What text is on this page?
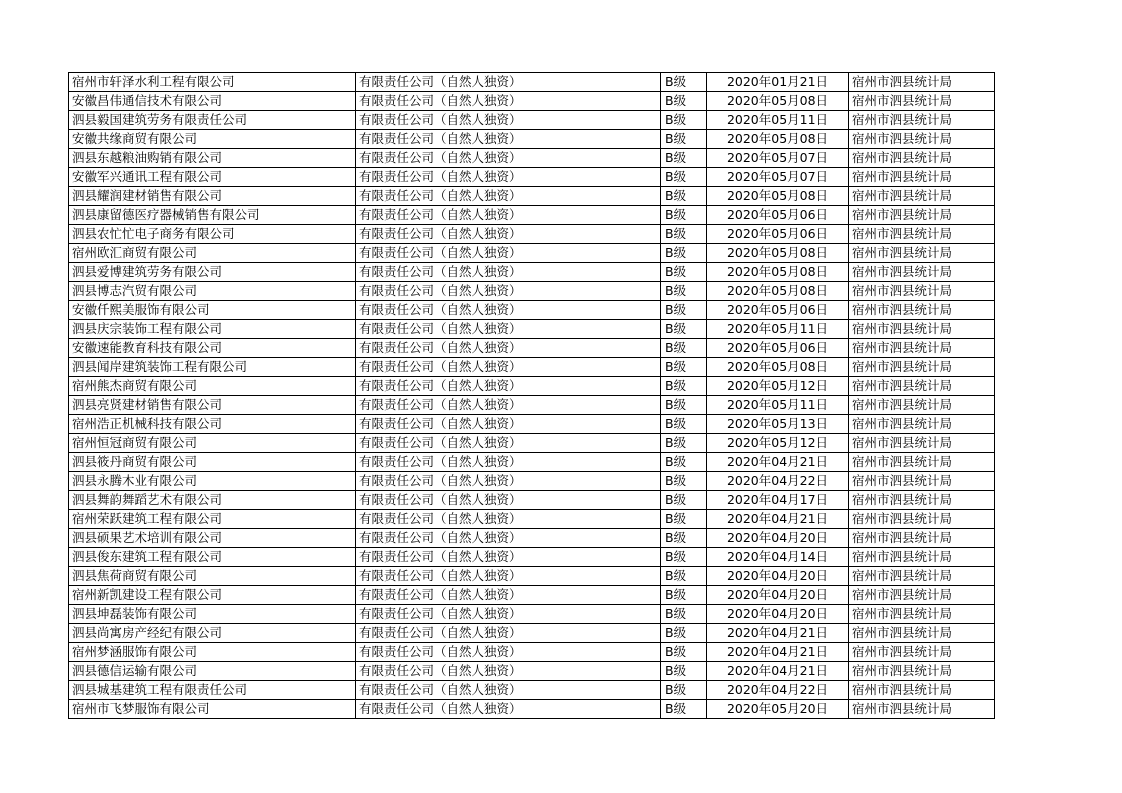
宿州市轩泽水利工程有限公司	有限责任公司（自然人独资）	B级	2020年01月21日	宿州市泗县统计局
安徽昌伟通信技术有限公司	有限责任公司（自然人独资）	B级	2020年05月08日	宿州市泗县统计局
泗县毅国建筑劳务有限责任公司	有限责任公司（自然人独资）	B级	2020年05月11日	宿州市泗县统计局
安徽共缘商贸有限公司	有限责任公司（自然人独资）	B级	2020年05月08日	宿州市泗县统计局
泗县东越粮油购销有限公司	有限责任公司（自然人独资）	B级	2020年05月07日	宿州市泗县统计局
安徽军兴通讯工程有限公司	有限责任公司（自然人独资）	B级	2020年05月07日	宿州市泗县统计局
泗县耀润建材销售有限公司	有限责任公司（自然人独资）	B级	2020年05月08日	宿州市泗县统计局
泗县康留德医疗器械销售有限公司	有限责任公司（自然人独资）	B级	2020年05月06日	宿州市泗县统计局
泗县农忙忙电子商务有限公司	有限责任公司（自然人独资）	B级	2020年05月06日	宿州市泗县统计局
宿州欧汇商贸有限公司	有限责任公司（自然人独资）	B级	2020年05月08日	宿州市泗县统计局
泗县爱博建筑劳务有限公司	有限责任公司（自然人独资）	B级	2020年05月08日	宿州市泗县统计局
泗县博志汽贸有限公司	有限责任公司（自然人独资）	B级	2020年05月08日	宿州市泗县统计局
安徽仟熙美服饰有限公司	有限责任公司（自然人独资）	B级	2020年05月06日	宿州市泗县统计局
泗县庆宗装饰工程有限公司	有限责任公司（自然人独资）	B级	2020年05月11日	宿州市泗县统计局
安徽速能教育科技有限公司	有限责任公司（自然人独资）	B级	2020年05月06日	宿州市泗县统计局
泗县闻岸建筑装饰工程有限公司	有限责任公司（自然人独资）	B级	2020年05月08日	宿州市泗县统计局
宿州熊杰商贸有限公司	有限责任公司（自然人独资）	B级	2020年05月12日	宿州市泗县统计局
泗县亮贤建材销售有限公司	有限责任公司（自然人独资）	B级	2020年05月11日	宿州市泗县统计局
宿州浩正机械科技有限公司	有限责任公司（自然人独资）	B级	2020年05月13日	宿州市泗县统计局
宿州恒冠商贸有限公司	有限责任公司（自然人独资）	B级	2020年05月12日	宿州市泗县统计局
泗县筱丹商贸有限公司	有限责任公司（自然人独资）	B级	2020年04月21日	宿州市泗县统计局
泗县永腾木业有限公司	有限责任公司（自然人独资）	B级	2020年04月22日	宿州市泗县统计局
泗县舞韵舞蹈艺术有限公司	有限责任公司（自然人独资）	B级	2020年04月17日	宿州市泗县统计局
宿州荣跃建筑工程有限公司	有限责任公司（自然人独资）	B级	2020年04月21日	宿州市泗县统计局
泗县硕果艺术培训有限公司	有限责任公司（自然人独资）	B级	2020年04月20日	宿州市泗县统计局
泗县俊东建筑工程有限公司	有限责任公司（自然人独资）	B级	2020年04月14日	宿州市泗县统计局
泗县焦荷商贸有限公司	有限责任公司（自然人独资）	B级	2020年04月20日	宿州市泗县统计局
宿州新凯建设工程有限公司	有限责任公司（自然人独资）	B级	2020年04月20日	宿州市泗县统计局
泗县坤磊装饰有限公司	有限责任公司（自然人独资）	B级	2020年04月20日	宿州市泗县统计局
泗县尚寓房产经纪有限公司	有限责任公司（自然人独资）	B级	2020年04月21日	宿州市泗县统计局
宿州梦涵服饰有限公司	有限责任公司（自然人独资）	B级	2020年04月21日	宿州市泗县统计局
泗县德信运输有限公司	有限责任公司（自然人独资）	B级	2020年04月21日	宿州市泗县统计局
泗县城基建筑工程有限责任公司	有限责任公司（自然人独资）	B级	2020年04月22日	宿州市泗县统计局
宿州市飞梦服饰有限公司	有限责任公司（自然人独资）	B级	2020年05月20日	宿州市泗县统计局
